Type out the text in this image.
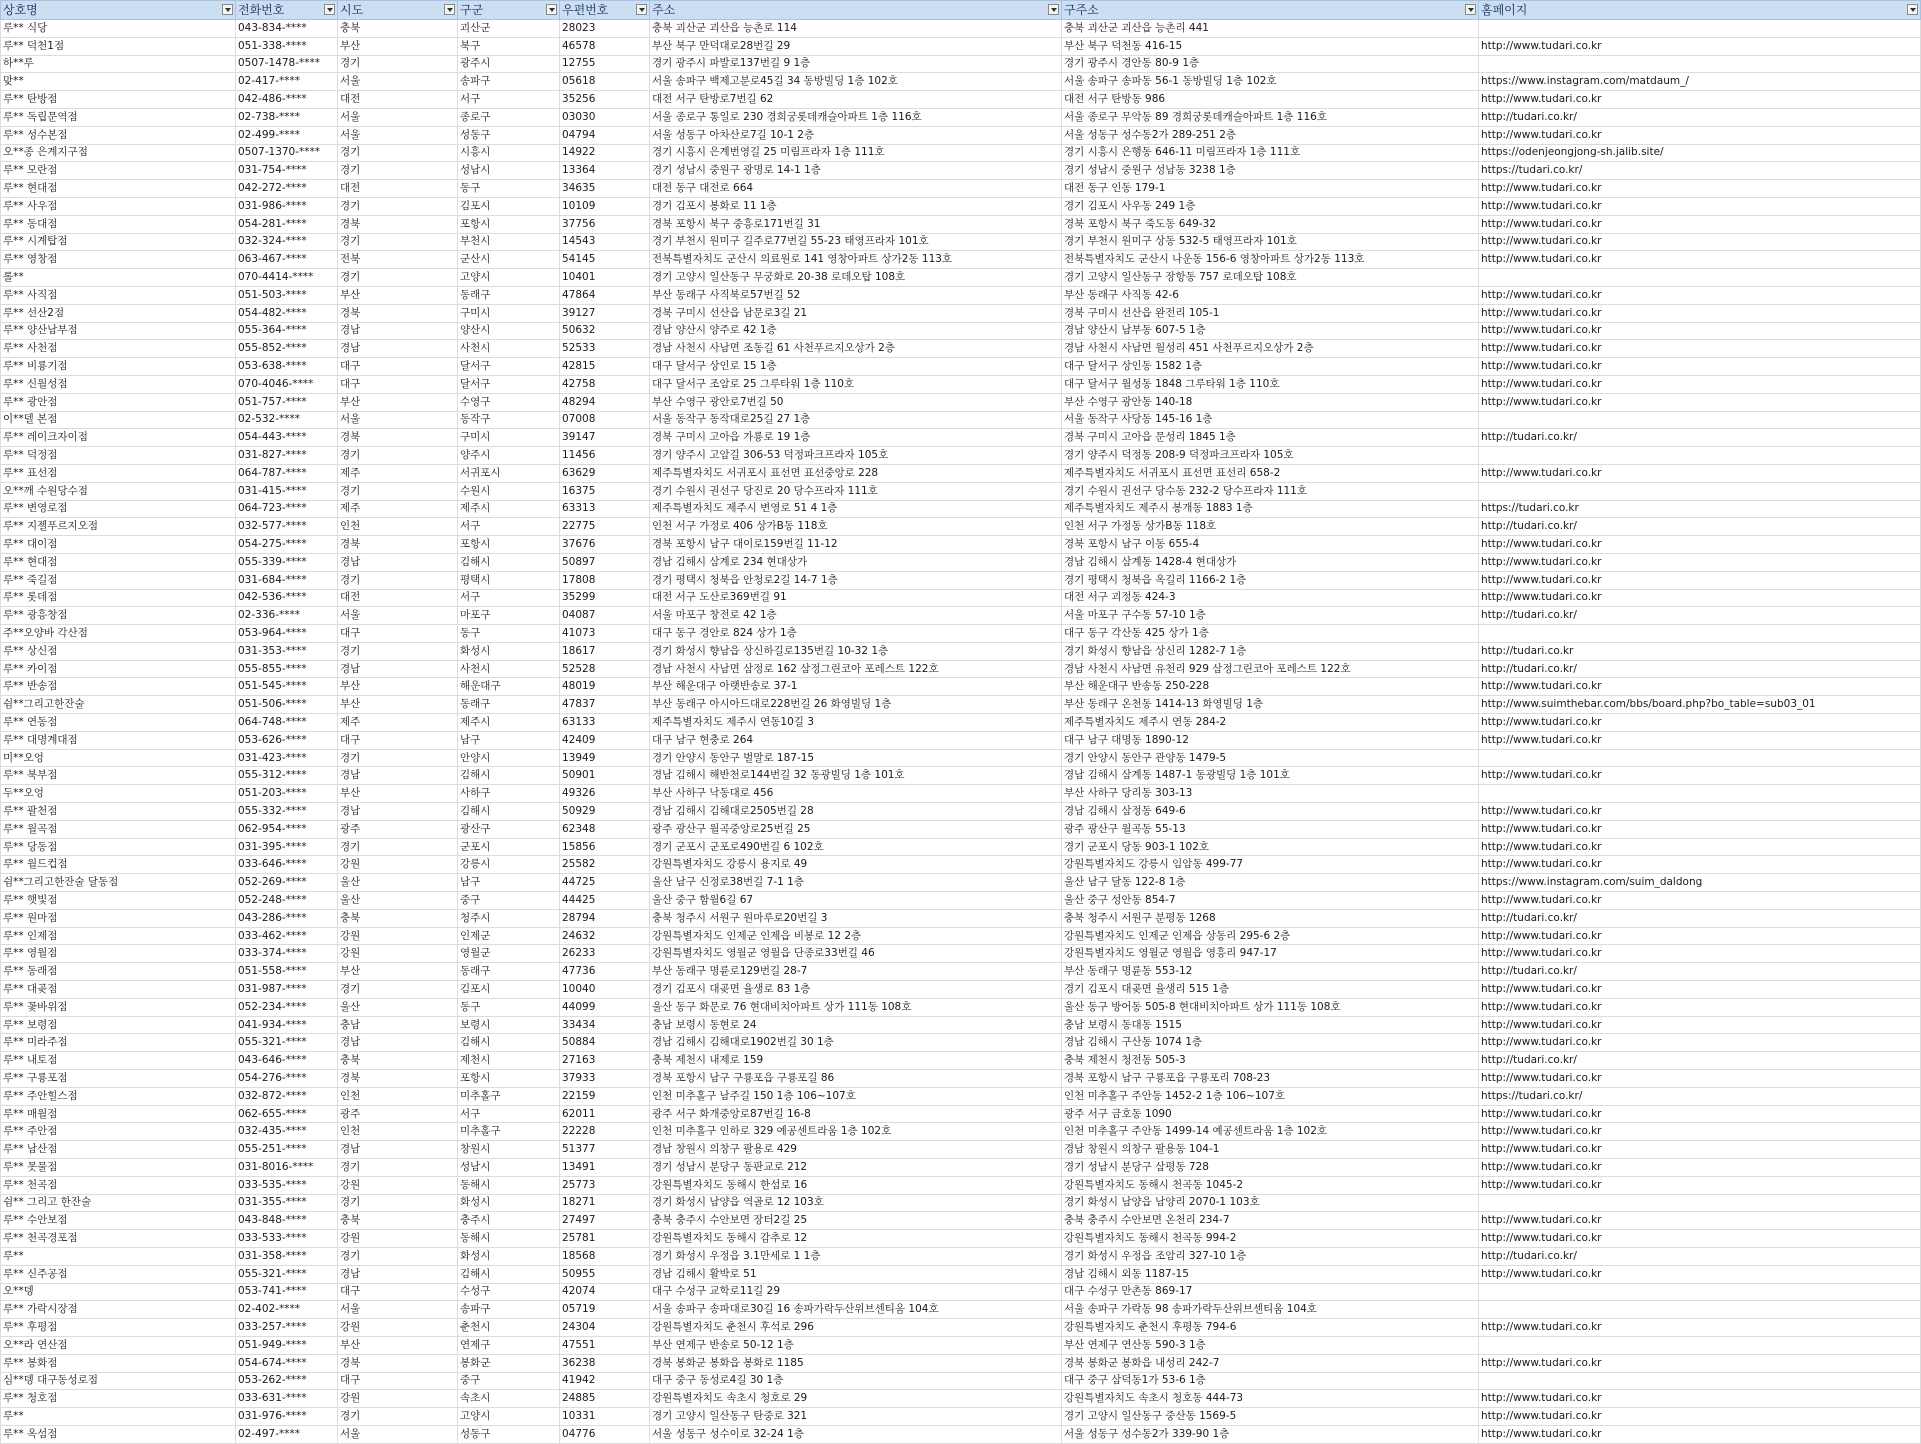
상호명	전화번호	시도	구군	우편번호	주소	구주소	홈페이지

루** 식당	043-834-****	충북	괴산군	28023	충북 괴산군 괴산읍 능촌로 114	충북 괴산군 괴산읍 능촌리 441	
루** 덕천1점	051-338-****	부산	북구	46578	부산 북구 만덕대로28번길 29	부산 북구 덕천동 416-15	http://www.tudari.co.kr
하**루	0507-1478-****	경기	광주시	12755	경기 광주시 파발로137번길 9 1층	경기 광주시 경안동 80-9 1층	
맞**	02-417-****	서울	송파구	05618	서울 송파구 백제고분로45길 34 동방빌딩 1층 102호	서울 송파구 송파동 56-1 동방빌딩 1층 102호	https://www.instagram.com/matdaum_/
루** 탄방점	042-486-****	대전	서구	35256	대전 서구 탄방로7번길 62	대전 서구 탄방동 986	http://www.tudari.co.kr
루** 독립문역점	02-738-****	서울	종로구	03030	서울 종로구 통일로 230 경희궁롯데캐슬아파트 1층 116호	서울 종로구 무악동 89 경희궁롯데캐슬아파트 1층 116호	http://tudari.co.kr/
루** 성수본점	02-499-****	서울	성동구	04794	서울 성동구 아차산로7길 10-1 2층	서울 성동구 성수동2가 289-251 2층	http://www.tudari.co.kr
오**종 은계지구점	0507-1370-****	경기	시흥시	14922	경기 시흥시 은계번영길 25 미림프라자 1층 111호	경기 시흥시 은행동 646-11 미림프라자 1층 111호	https://odenjeongjong-sh.jalib.site/
루** 모란점	031-754-****	경기	성남시	13364	경기 성남시 중원구 광명로 14-1 1층	경기 성남시 중원구 성남동 3238 1층	https://tudari.co.kr/
루** 현대점	042-272-****	대전	동구	34635	대전 동구 대전로 664	대전 동구 인동 179-1	http://www.tudari.co.kr
루** 사우점	031-986-****	경기	김포시	10109	경기 김포시 봉화로 11 1층	경기 김포시 사우동 249 1층	http://www.tudari.co.kr
루** 동대점	054-281-****	경북	포항시	37756	경북 포항시 북구 중흥로171번길 31	경북 포항시 북구 죽도동 649-32	http://www.tudari.co.kr
루** 시계탑점	032-324-****	경기	부천시	14543	경기 부천시 원미구 길주로77번길 55-23 태영프라자 101호	경기 부천시 원미구 상동 532-5 태영프라자 101호	http://www.tudari.co.kr
루** 영창점	063-467-****	전북	군산시	54145	전북특별자치도 군산시 의료원로 141 영창아파트 상가2동 113호	전북특별자치도 군산시 나운동 156-6 영창아파트 상가2동 113호	http://www.tudari.co.kr
롤**	070-4414-****	경기	고양시	10401	경기 고양시 일산동구 무궁화로 20-38 로데오탑 108호	경기 고양시 일산동구 장항동 757 로데오탑 108호	
루** 사직점	051-503-****	부산	동래구	47864	부산 동래구 사직북로57번길 52	부산 동래구 사직동 42-6	http://www.tudari.co.kr
루** 선산2점	054-482-****	경북	구미시	39127	경북 구미시 선산읍 남문로3길 21	경북 구미시 선산읍 완전리 105-1	http://www.tudari.co.kr
루** 양산남부점	055-364-****	경남	양산시	50632	경남 양산시 양주로 42 1층	경남 양산시 남부동 607-5 1층	http://www.tudari.co.kr
루** 사천점	055-852-****	경남	사천시	52533	경남 사천시 사남면 조동길 61 사천푸르지오상가 2층	경남 사천시 사남면 월성리 451 사천푸르지오상가 2층	http://www.tudari.co.kr
루** 비룡기점	053-638-****	대구	달서구	42815	대구 달서구 상인로 15 1층	대구 달서구 상인동 1582 1층	http://www.tudari.co.kr
루** 신월성점	070-4046-****	대구	달서구	42758	대구 달서구 조암로 25 그루타워 1층 110호	대구 달서구 월성동 1848 그루타워 1층 110호	http://www.tudari.co.kr
루** 광안점	051-757-****	부산	수영구	48294	부산 수영구 광안로7번길 50	부산 수영구 광안동 140-18	http://www.tudari.co.kr
이**델 본점	02-532-****	서울	동작구	07008	서울 동작구 동작대로25길 27 1층	서울 동작구 사당동 145-16 1층	
루** 레이크자이점	054-443-****	경북	구미시	39147	경북 구미시 고아읍 가룡로 19 1층	경북 구미시 고아읍 문성리 1845 1층	http://tudari.co.kr/
루** 덕정점	031-827-****	경기	양주시	11456	경기 양주시 고암길 306-53 덕정파크프라자 105호	경기 양주시 덕정동 208-9 덕정파크프라자 105호	
루** 표선점	064-787-****	제주	서귀포시	63629	제주특별자치도 서귀포시 표선면 표선중앙로 228	제주특별자치도 서귀포시 표선면 표선리 658-2	http://www.tudari.co.kr
오**깨 수원당수점	031-415-****	경기	수원시	16375	경기 수원시 권선구 당진로 20 당수프라자 111호	경기 수원시 권선구 당수동 232-2 당수프라자 111호	
루** 변영로점	064-723-****	제주	제주시	63313	제주특별자치도 제주시 변영로 51 4 1층	제주특별자치도 제주시 봉개동 1883 1층	https://tudari.co.kr
루** 지젤푸르지오점	032-577-****	인천	서구	22775	인천 서구 가정로 406 상가B동 118호	인천 서구 가정동 상가B동 118호	http://tudari.co.kr/
루** 대이점	054-275-****	경북	포항시	37676	경북 포항시 남구 대이로159번길 11-12	경북 포항시 남구 이동 655-4	http://www.tudari.co.kr
루** 현대점	055-339-****	경남	김해시	50897	경남 김해시 삼계로 234 현대상가	경남 김해시 삼계동 1428-4 현대상가	http://www.tudari.co.kr
루** 죽길점	031-684-****	경기	평택시	17808	경기 평택시 청북읍 안청로2길 14-7 1층	경기 평택시 청북읍 옥길리 1166-2 1층	http://www.tudari.co.kr
루** 롯데점	042-536-****	대전	서구	35299	대전 서구 도산로369번길 91	대전 서구 괴정동 424-3	http://www.tudari.co.kr
루** 광흥창점	02-336-****	서울	마포구	04087	서울 마포구 창전로 42 1층	서울 마포구 구수동 57-10 1층	http://tudari.co.kr/
주**오양바 각산점	053-964-****	대구	동구	41073	대구 동구 경안로 824 상가 1층	대구 동구 각산동 425 상가 1층	
루** 상신점	031-353-****	경기	화성시	18617	경기 화성시 향남읍 상신하길로135번길 10-32 1층	경기 화성시 향남읍 상신리 1282-7 1층	http://tudari.co.kr
루** 카이점	055-855-****	경남	사천시	52528	경남 사천시 사남면 삼정로 162 삼정그린코아 포레스트 122호	경남 사천시 사남면 유천리 929 삼정그린코아 포레스트 122호	http://tudari.co.kr/
루** 반송점	051-545-****	부산	해운대구	48019	부산 해운대구 아랫반송로 37-1	부산 해운대구 반송동 250-228	http://www.tudari.co.kr
쉼**그리고한잔술	051-506-****	부산	동래구	47837	부산 동래구 아시아드대로228번길 26 화영빌딩 1층	부산 동래구 온천동 1414-13 화영빌딩 1층	http://www.suimthebar.com/bbs/board.php?bo_table=sub03_01
루** 연동점	064-748-****	제주	제주시	63133	제주특별자치도 제주시 연동10길 3	제주특별자치도 제주시 연동 284-2	http://www.tudari.co.kr
루** 대명계대점	053-626-****	대구	남구	42409	대구 남구 현충로 264	대구 남구 대명동 1890-12	http://www.tudari.co.kr
미**오엉	031-423-****	경기	안양시	13949	경기 안양시 동안구 벌말로 187-15	경기 안양시 동안구 관양동 1479-5	
루** 북부점	055-312-****	경남	김해시	50901	경남 김해시 해반천로144번길 32 동광빌딩 1층 101호	경남 김해시 삼계동 1487-1 동광빌딩 1층 101호	http://www.tudari.co.kr
두**오엉	051-203-****	부산	사하구	49326	부산 사하구 낙동대로 456	부산 사하구 당리동 303-13	
루** 팔천점	055-332-****	경남	김해시	50929	경남 김해시 김해대로2505번길 28	경남 김해시 삼정동 649-6	http://www.tudari.co.kr
루** 월곡점	062-954-****	광주	광산구	62348	광주 광산구 월곡중앙로25번길 25	광주 광산구 월곡동 55-13	http://www.tudari.co.kr
루** 당동점	031-395-****	경기	군포시	15856	경기 군포시 군포로490번길 6 102호	경기 군포시 당동 903-1 102호	http://www.tudari.co.kr
루** 월드컵점	033-646-****	강원	강릉시	25582	강원특별자치도 강릉시 용지로 49	강원특별자치도 강릉시 임암동 499-77	http://www.tudari.co.kr
쉼**그리고한잔술 달동점	052-269-****	울산	남구	44725	울산 남구 신정로38번길 7-1 1층	울산 남구 달동 122-8 1층	https://www.instagram.com/suim_daldong
루** 햇빛점	052-248-****	울산	중구	44425	울산 중구 함월6길 67	울산 중구 성안동 854-7	http://www.tudari.co.kr
루** 원마점	043-286-****	충북	청주시	28794	충북 청주시 서원구 원마루로20번길 3	충북 청주시 서원구 분평동 1268	http://tudari.co.kr/
루** 인제점	033-462-****	강원	인제군	24632	강원특별자치도 인제군 인제읍 비봉로 12 2층	강원특별자치도 인제군 인제읍 상동리 295-6 2층	http://www.tudari.co.kr
루** 영월점	033-374-****	강원	영월군	26233	강원특별자치도 영월군 영월읍 단종로33번길 46	강원특별자치도 영월군 영월읍 영흥리 947-17	http://www.tudari.co.kr
루** 동래점	051-558-****	부산	동래구	47736	부산 동래구 명륜로129번길 28-7	부산 동래구 명륜동 553-12	http://tudari.co.kr/
루** 대곶점	031-987-****	경기	김포시	10040	경기 김포시 대곶면 율생로 83 1층	경기 김포시 대곶면 율생리 515 1층	http://www.tudari.co.kr
루** 꽃바위점	052-234-****	울산	동구	44099	울산 동구 화문로 76 현대비치아파트 상가 111동 108호	울산 동구 방어동 505-8 현대비치아파트 상가 111동 108호	http://www.tudari.co.kr
루** 보령점	041-934-****	충남	보령시	33434	충남 보령시 동현로 24	충남 보령시 동대동 1515	http://www.tudari.co.kr
루** 미라주점	055-321-****	경남	김해시	50884	경남 김해시 김해대로1902번길 30 1층	경남 김해시 구산동 1074 1층	http://www.tudari.co.kr
루** 내토점	043-646-****	충북	제천시	27163	충북 제천시 내제로 159	충북 제천시 청전동 505-3	http://tudari.co.kr/
루** 구룡포점	054-276-****	경북	포항시	37933	경북 포항시 남구 구룡포읍 구룡포길 86	경북 포항시 남구 구룡포읍 구룡포리 708-23	http://www.tudari.co.kr
루** 주안힐스점	032-872-****	인천	미추홀구	22159	인천 미추홀구 남주길 150 1층 106~107호	인천 미추홀구 주안동 1452-2 1층 106~107호	https://tudari.co.kr/
루** 매월점	062-655-****	광주	서구	62011	광주 서구 화개중앙로87번길 16-8	광주 서구 금호동 1090	http://www.tudari.co.kr
루** 주안점	032-435-****	인천	미추홀구	22228	인천 미추홀구 인하로 329 예공센트라움 1층 102호	인천 미추홀구 주안동 1499-14 예공센트라움 1층 102호	http://www.tudari.co.kr
루** 남산점	055-251-****	경남	창원시	51377	경남 창원시 의창구 팔용로 429	경남 창원시 의창구 팔용동 104-1	http://www.tudari.co.kr
루** 못물점	031-8016-****	경기	성남시	13491	경기 성남시 분당구 동판교로 212	경기 성남시 분당구 삼평동 728	http://www.tudari.co.kr
루** 천곡점	033-535-****	강원	동해시	25773	강원특별자치도 동해시 한섬로 16	강원특별자치도 동해시 천곡동 1045-2	http://www.tudari.co.kr
쉼** 그리고 한잔술	031-355-****	경기	화성시	18271	경기 화성시 남양읍 역골로 12 103호	경기 화성시 남양읍 남양리 2070-1 103호	
루** 수안보점	043-848-****	충북	충주시	27497	충북 충주시 수안보면 장터2길 25	충북 충주시 수안보면 온천리 234-7	http://www.tudari.co.kr
루** 천곡경포점	033-533-****	강원	동해시	25781	강원특별자치도 동해시 감추로 12	강원특별자치도 동해시 천곡동 994-2	http://www.tudari.co.kr
루**	031-358-****	경기	화성시	18568	경기 화성시 우정읍 3.1만세로 1 1층	경기 화성시 우정읍 조암리 327-10 1층	http://tudari.co.kr/
루** 신주공점	055-321-****	경남	김해시	50955	경남 김해시 활박로 51	경남 김해시 외동 1187-15	http://www.tudari.co.kr
오**뎅	053-741-****	대구	수성구	42074	대구 수성구 교학로11길 29	대구 수성구 만촌동 869-17	
루** 가락시장점	02-402-****	서울	송파구	05719	서울 송파구 송파대로30길 16 송파가락두산위브센티움 104호	서울 송파구 가락동 98 송파가락두산위브센티움 104호	
루** 후평점	033-257-****	강원	춘천시	24304	강원특별자치도 춘천시 후석로 296	강원특별자치도 춘천시 후평동 794-6	http://www.tudari.co.kr
오**라 연산점	051-949-****	부산	연제구	47551	부산 연제구 반송로 50-12 1층	부산 연제구 연산동 590-3 1층	
루** 봉화점	054-674-****	경북	봉화군	36238	경북 봉화군 봉화읍 봉화로 1185	경북 봉화군 봉화읍 내성리 242-7	http://www.tudari.co.kr
심**뎅 대구동성로점	053-262-****	대구	중구	41942	대구 중구 동성로4길 30 1층	대구 중구 삼덕동1가 53-6 1층	
루** 청호점	033-631-****	강원	속초시	24885	강원특별자치도 속초시 청호로 29	강원특별자치도 속초시 청호동 444-73	http://www.tudari.co.kr
루**	031-976-****	경기	고양시	10331	경기 고양시 일산동구 탄중로 321	경기 고양시 일산동구 중산동 1569-5	http://www.tudari.co.kr
루** 옥섬점	02-497-****	서울	성동구	04776	서울 성동구 성수이로 32-24 1층	서울 성동구 성수동2가 339-90 1층	http://www.tudari.co.kr
